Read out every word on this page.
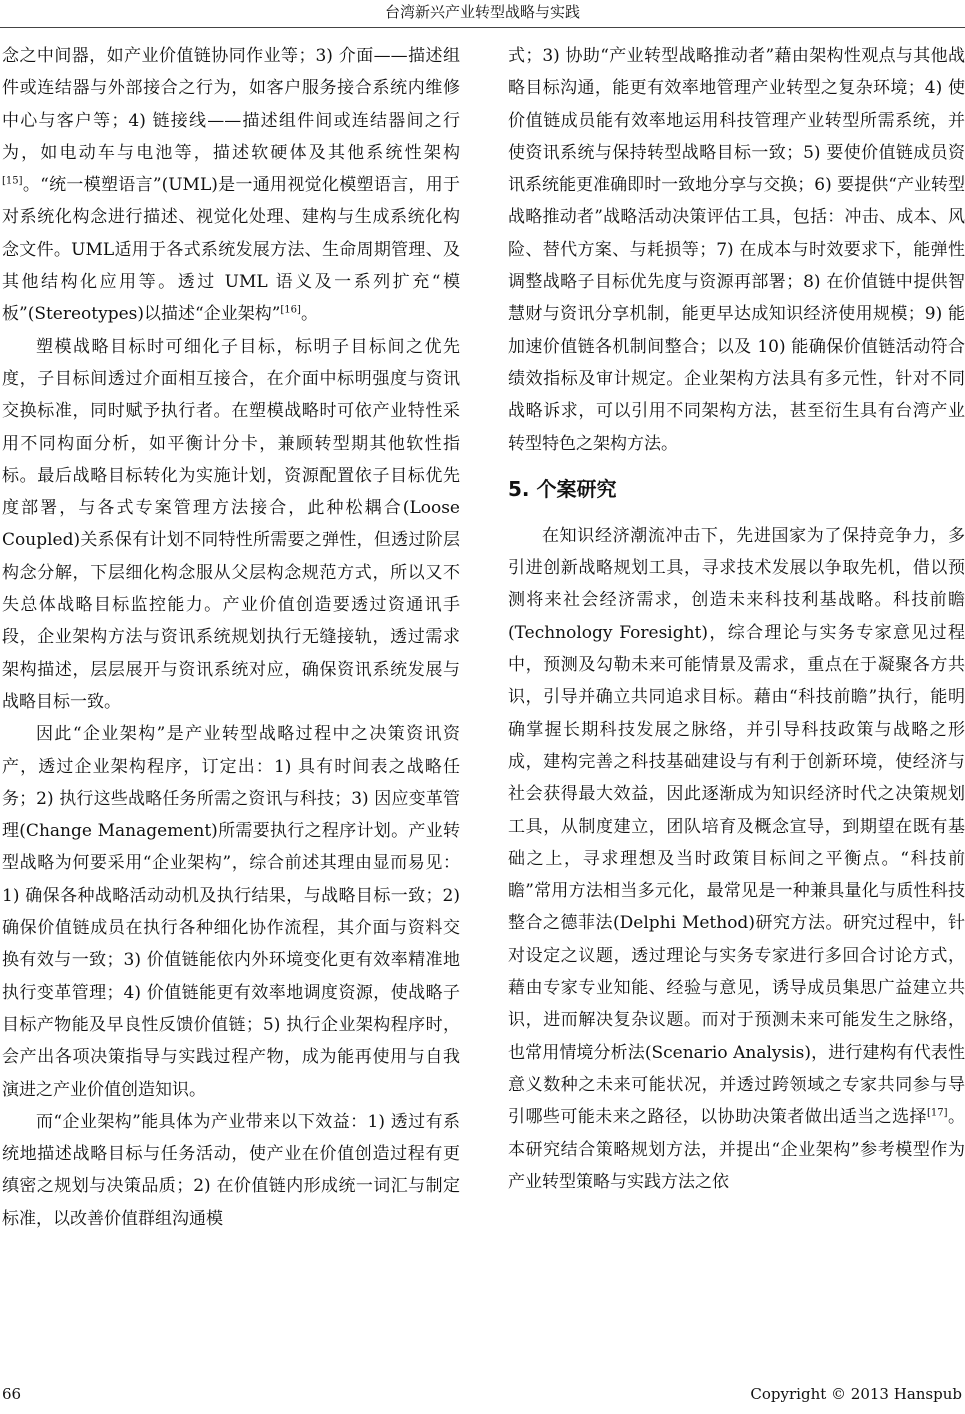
台湾新兴产业转型战略与实践

念之中间器，如产业价值链协同作业等；3) 介面——描述组件或连结器与外部接合之行为，如客户服务接合系统内维修中心与客户等；4) 链接线——描述组件间或连结器间之行为，如电动车与电池等，描述软硬体及其他系统性架构[15]。“统一模塑语言”(UML)是一通用视觉化模塑语言，用于对系统化构念进行描述、视觉化处理、建构与生成系统化构念文件。UML适用于各式系统发展方法、生命周期管理、及其他结构化应用等。透过 UML 语义及一系列扩充“模板”(Stereotypes)以描述“企业架构”[16]。

塑模战略目标时可细化子目标，标明子目标间之优先度，子目标间透过介面相互接合，在介面中标明强度与资讯交换标准，同时赋予执行者。在塑模战略时可依产业特性采用不同构面分析，如平衡计分卡，兼顾转型期其他软性指标。最后战略目标转化为实施计划，资源配置依子目标优先度部署，与各式专案管理方法接合，此种松耦合(Loose Coupled)关系保有计划不同特性所需要之弹性，但透过阶层构念分解，下层细化构念服从父层构念规范方式，所以又不失总体战略目标监控能力。产业价值创造要透过资通讯手段，企业架构方法与资讯系统规划执行无缝接轨，透过需求架构描述，层层展开与资讯系统对应，确保资讯系统发展与战略目标一致。

因此“企业架构”是产业转型战略过程中之决策资讯资产，透过企业架构程序，订定出：1) 具有时间表之战略任务；2) 执行这些战略任务所需之资讯与科技；3) 因应变革管理(Change Management)所需要执行之程序计划。产业转型战略为何要采用“企业架构”，综合前述其理由显而易见：1) 确保各种战略活动动机及执行结果，与战略目标一致；2) 确保价值链成员在执行各种细化协作流程，其介面与资料交换有效与一致；3) 价值链能依内外环境变化更有效率精准地执行变革管理；4) 价值链能更有效率地调度资源，使战略子目标产物能及早良性反馈价值链；5) 执行企业架构程序时，会产出各项决策指导与实践过程产物，成为能再使用与自我演进之产业价值创造知识。

而“企业架构”能具体为产业带来以下效益：1) 透过有系统地描述战略目标与任务活动，使产业在价值创造过程有更缜密之规划与决策品质；2) 在价值链内形成统一词汇与制定标准，以改善价值群组沟通模

式；3) 协助“产业转型战略推动者”藉由架构性观点与其他战略目标沟通，能更有效率地管理产业转型之复杂环境；4) 使价值链成员能有效率地运用科技管理产业转型所需系统，并使资讯系统与保持转型战略目标一致；5) 要使价值链成员资讯系统能更准确即时一致地分享与交换；6) 要提供“产业转型战略推动者”战略活动决策评估工具，包括：冲击、成本、风险、替代方案、与耗损等；7) 在成本与时效要求下，能弹性调整战略子目标优先度与资源再部署；8) 在价值链中提供智慧财与资讯分享机制，能更早达成知识经济使用规模；9) 能加速价值链各机制间整合；以及 10) 能确保价值链活动符合绩效指标及审计规定。企业架构方法具有多元性，针对不同战略诉求，可以引用不同架构方法，甚至衍生具有台湾产业转型特色之架构方法。

5. 个案研究

在知识经济潮流冲击下，先进国家为了保持竞争力，多引进创新战略规划工具，寻求技术发展以争取先机，借以预测将来社会经济需求，创造未来科技利基战略。科技前瞻(Technology Foresight)，综合理论与实务专家意见过程中，预测及勾勒未来可能情景及需求，重点在于凝聚各方共识，引导并确立共同追求目标。藉由“科技前瞻”执行，能明确掌握长期科技发展之脉络，并引导科技政策与战略之形成，建构完善之科技基础建设与有利于创新环境，使经济与社会获得最大效益，因此逐渐成为知识经济时代之决策规划工具，从制度建立，团队培育及概念宣导，到期望在既有基础之上，寻求理想及当时政策目标间之平衡点。“科技前瞻”常用方法相当多元化，最常见是一种兼具量化与质性科技整合之德菲法(Delphi Method)研究方法。研究过程中，针对设定之议题，透过理论与实务专家进行多回合讨论方式，藉由专家专业知能、经验与意见，诱导成员集思广益建立共识，进而解决复杂议题。而对于预测未来可能发生之脉络，也常用情境分析法(Scenario Analysis)，进行建构有代表性意义数种之未来可能状况，并透过跨领域之专家共同参与导引哪些可能未来之路径，以协助决策者做出适当之选择[17]。本研究结合策略规划方法，并提出“企业架构”参考模型作为产业转型策略与实践方法之依

66	Copyright © 2013 Hanspub
